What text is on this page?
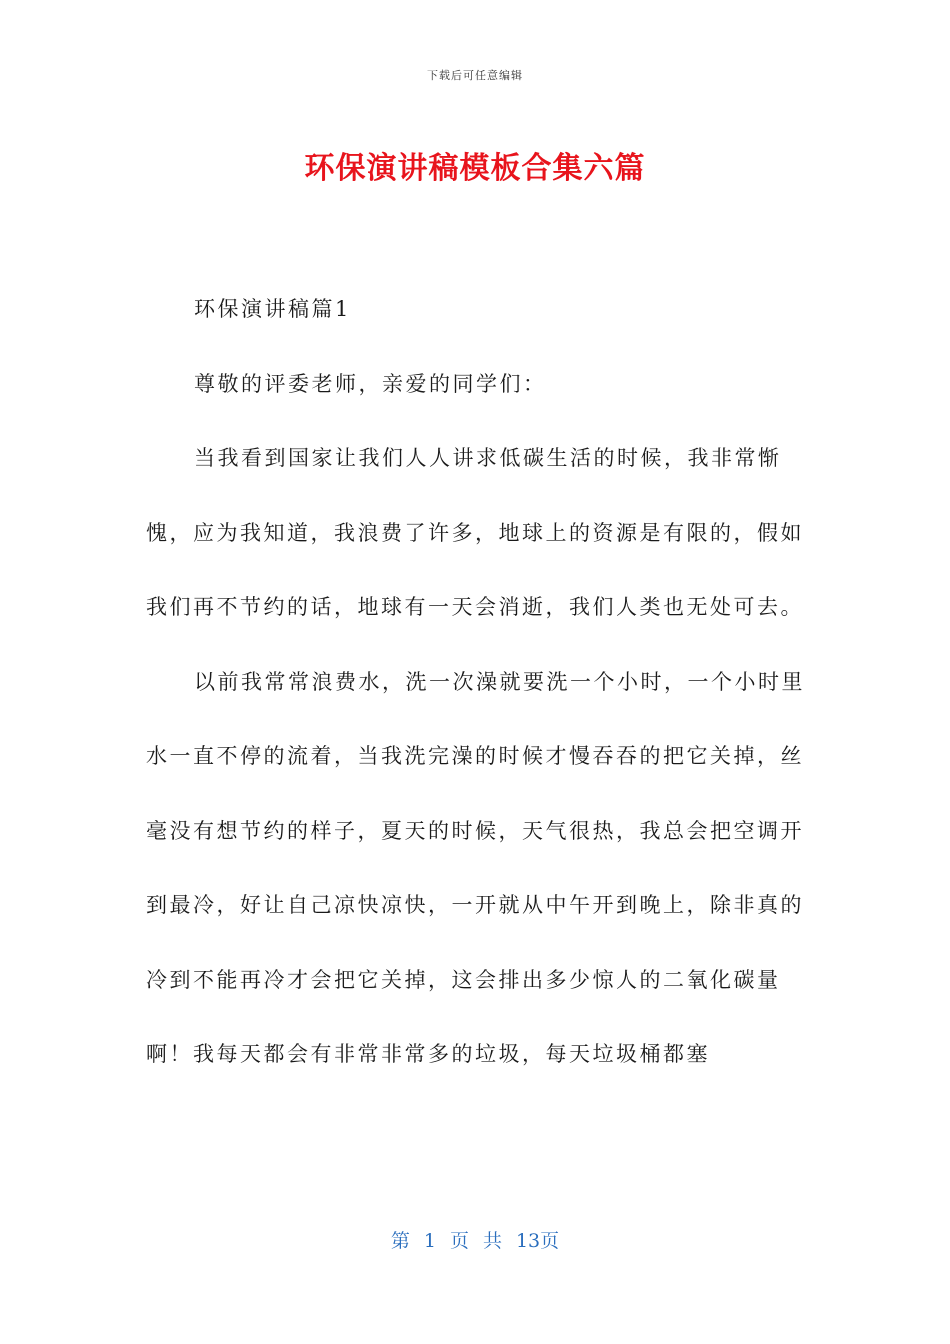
下载后可任意编辑
环保演讲稿模板合集六篇

环保演讲稿篇1

尊敬的评委老师，亲爱的同学们：

当我看到国家让我们人人讲求低碳生活的时候，我非常惭愧，应为我知道，我浪费了许多，地球上的资源是有限的，假如我们再不节约的话，地球有一天会消逝，我们人类也无处可去。

以前我常常浪费水，洗一次澡就要洗一个小时，一个小时里水一直不停的流着，当我洗完澡的时候才慢吞吞的把它关掉，丝毫没有想节约的样子，夏天的时候，天气很热，我总会把空调开到最冷，好让自己凉快凉快，一开就从中午开到晚上，除非真的冷到不能再冷才会把它关掉，这会排出多少惊人的二氧化碳量啊！我每天都会有非常非常多的垃圾，每天垃圾桶都塞

第 1 页 共 13页
